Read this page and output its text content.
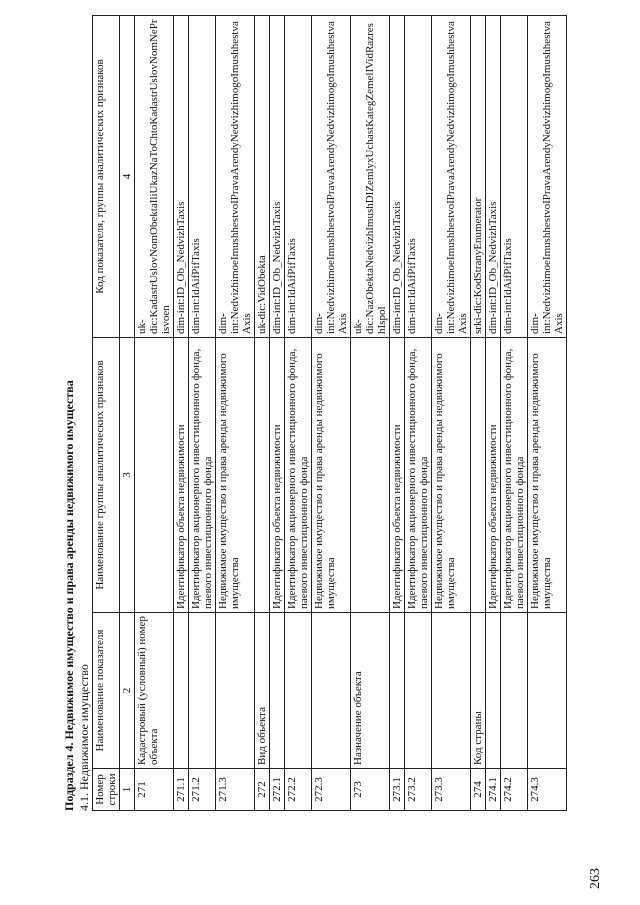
263
Подраздел 4. Недвижимое имущество и права аренды недвижимого имущества 4.1. Недвижимое имущество Номер строки	Наименование показателя	Наименование группы аналитических признаков	Код показателя, группы аналитических признаков
1	2	3	4
271	Кадастровый (условный) номер объекта		uk-dic:KadastrUslovNomObektaIliUkazNaToChtoKadastrUslovNomNePrisvoen
271.1		Идентификатор объекта недвижимости	dim-int:ID_Ob_NedvizhTaxis
271.2		Идентификатор акционерного инвестиционного фонда, паевого инвестиционного фонда	dim-int:IdAifPifTaxis
271.3		Недвижимое имущество и права аренды недвижимого имущества	dim-int:NedvizhimoeImushhestvoIPravaArendyNedvizhimogoImushhestvaAxis
272	Вид объекта		uk-dic:VidObekta
272.1		Идентификатор объекта недвижимости	dim-int:ID_Ob_NedvizhTaxis
272.2		Идентификатор акционерного инвестиционного фонда, паевого инвестиционного фонда	dim-int:IdAifPifTaxis
272.3		Недвижимое имущество и права аренды недвижимого имущества	dim-int:NedvizhimoeImushhestvoIPravaArendyNedvizhimogoImushhestvaAxis
273	Назначение объекта		uk-dic:NazObektaNedvizhImushDIZemlyxUchastKategZemelIVidRazreshIspol
273.1		Идентификатор объекта недвижимости	dim-int:ID_Ob_NedvizhTaxis
273.2		Идентификатор акционерного инвестиционного фонда, паевого инвестиционного фонда	dim-int:IdAifPifTaxis
273.3		Недвижимое имущество и права аренды недвижимого имущества	dim-int:NedvizhimoeImushhestvoIPravaArendyNedvizhimogoImushhestvaAxis
274	Код страны		srki-dic:KodStranyEnumerator
274.1		Идентификатор объекта недвижимости	dim-int:ID_Ob_NedvizhTaxis
274.2		Идентификатор акционерного инвестиционного фонда, паевого инвестиционного фонда	dim-int:IdAifPifTaxis
274.3		Недвижимое имущество и права аренды недвижимого имущества	dim-int:NedvizhimoeImushhestvoIPravaArendyNedvizhimogoImushhestvaAxis
